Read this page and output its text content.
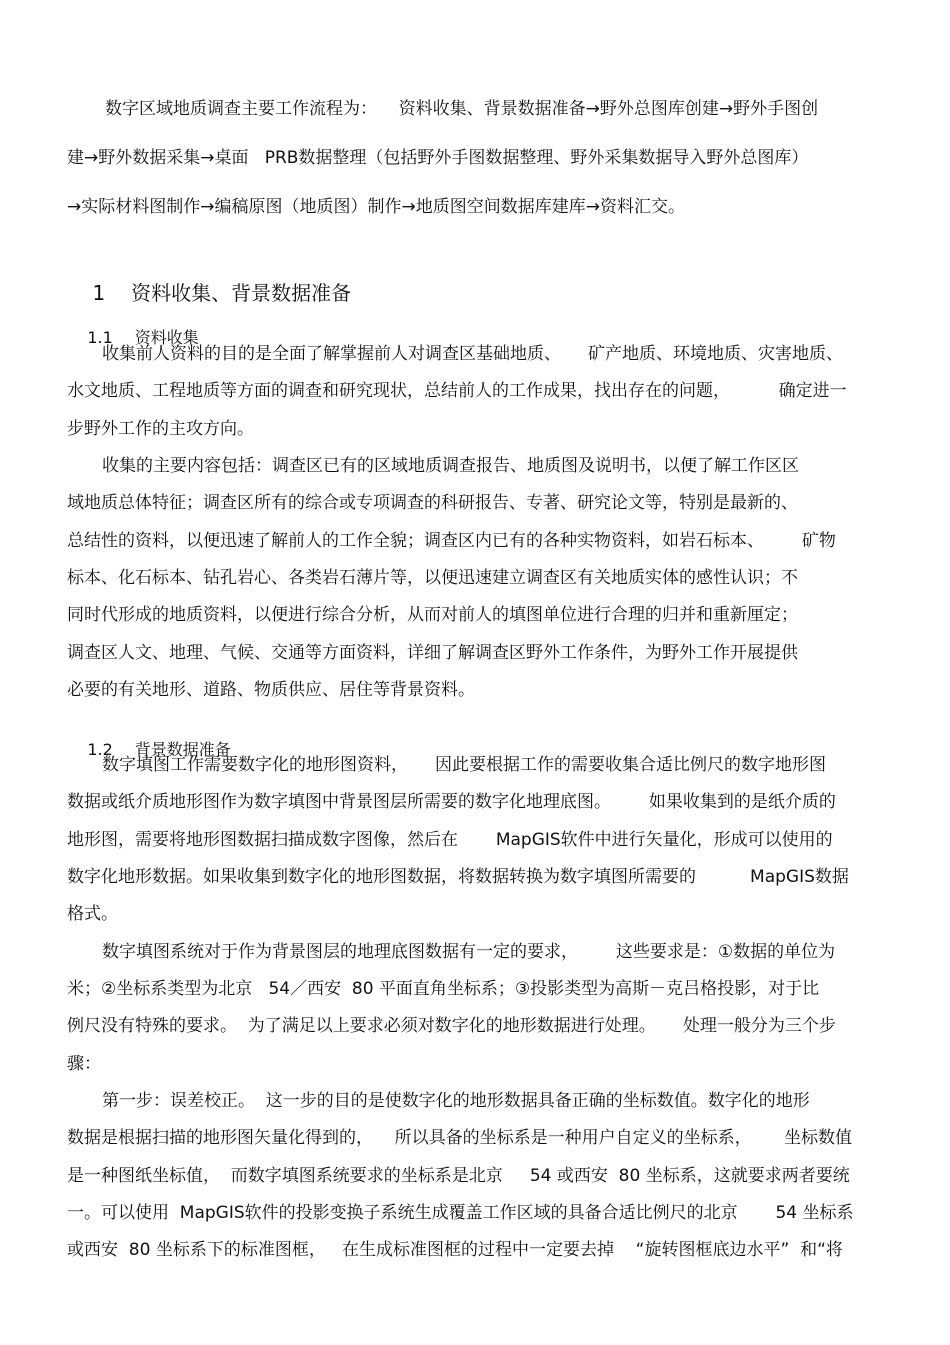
数字区域地质调查主要工作流程为：    资料收集、背景数据准备→野外总图库创建→野外手图创
建→野外数据采集→桌面   PRB数据整理（包括野外手图数据整理、野外采集数据导入野外总图库）
→实际材料图制作→编稿原图（地质图）制作→地质图空间数据库建库→资料汇交。

1 资料收集、背景数据准备

1.1 资料收集

收集前人资料的目的是全面了解掌握前人对调查区基础地质、     矿产地质、环境地质、灾害地质、
水文地质、工程地质等方面的调查和研究现状，总结前人的工作成果，找出存在的问题，         确定进一
步野外工作的主攻方向。
收集的主要内容包括：调查区已有的区域地质调查报告、地质图及说明书，以便了解工作区区
域地质总体特征；调查区所有的综合或专项调查的科研报告、专著、研究论文等，特别是最新的、
总结性的资料，以便迅速了解前人的工作全貌；调查区内已有的各种实物资料，如岩石标本、       矿物
标本、化石标本、钻孔岩心、各类岩石薄片等，以便迅速建立调查区有关地质实体的感性认识；不
同时代形成的地质资料，以便进行综合分析，从而对前人的填图单位进行合理的归并和重新厘定；
调查区人文、地理、气候、交通等方面资料，详细了解调查区野外工作条件，为野外工作开展提供
必要的有关地形、道路、物质供应、居住等背景资料。

1.2 背景数据准备

数字填图工作需要数字化的地形图资料，     因此要根据工作的需要收集合适比例尺的数字地形图
数据或纸介质地形图作为数字填图中背景图层所需要的数字化地理底图。       如果收集到的是纸介质的
地形图，需要将地形图数据扫描成数字图像，然后在       MapGIS软件中进行矢量化，形成可以使用的
数字化地形数据。如果收集到数字化的地形图数据，将数据转换为数字填图所需要的          MapGIS数据
格式。
数字填图系统对于作为背景图层的地理底图数据有一定的要求，       这些要求是：①数据的单位为
米；②坐标系类型为北京   54／西安  80 平面直角坐标系；③投影类型为高斯－克吕格投影，对于比
例尺没有特殊的要求。  为了满足以上要求必须对数字化的地形数据进行处理。     处理一般分为三个步
骤：
第一步：误差校正。  这一步的目的是使数字化的地形数据具备正确的坐标数值。数字化的地形
数据是根据扫描的地形图矢量化得到的，    所以具备的坐标系是一种用户自定义的坐标系，      坐标数值
是一种图纸坐标值，  而数字填图系统要求的坐标系是北京     54 或西安  80 坐标系，这就要求两者要统
一。可以使用  MapGIS软件的投影变换子系统生成覆盖工作区域的具备合适比例尺的北京       54 坐标系
或西安  80 坐标系下的标准图框，   在生成标准图框的过程中一定要去掉    “旋转图框底边水平”  和“将
